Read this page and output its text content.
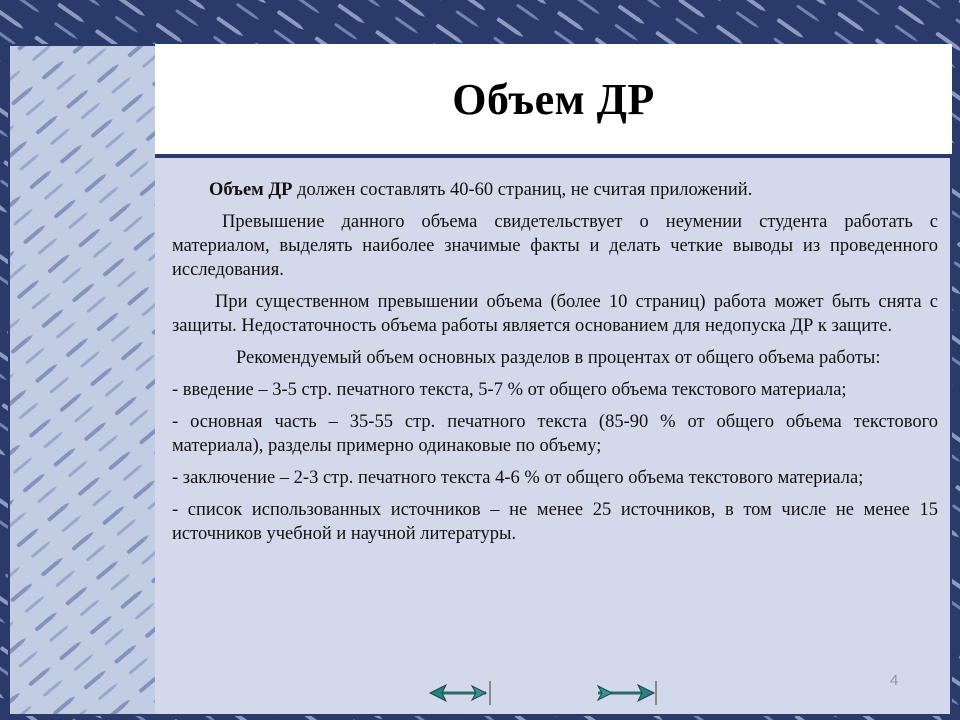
Объем ДР

Объем ДР должен составлять 40-60 страниц, не считая приложений.

Превышение данного объема свидетельствует о неумении студента работать с материалом, выделять наиболее значимые факты и делать четкие выводы из проведенного исследования.

При существенном превышении объема (более 10 страниц) работа может быть снята с защиты. Недостаточность объема работы является основанием для недопуска ДР к защите.

Рекомендуемый объем основных разделов в процентах от общего объема работы:

- введение – 3-5 стр. печатного текста, 5-7 % от общего объема текстового материала;

- основная часть – 35-55 стр. печатного текста (85-90 % от общего объема текстового материала), разделы примерно одинаковые по объему;

- заключение – 2-3 стр. печатного текста 4-6 % от общего объема текстового материала;

- список использованных источников – не менее 25 источников, в том числе не менее 15 источников учебной и научной литературы.

4
